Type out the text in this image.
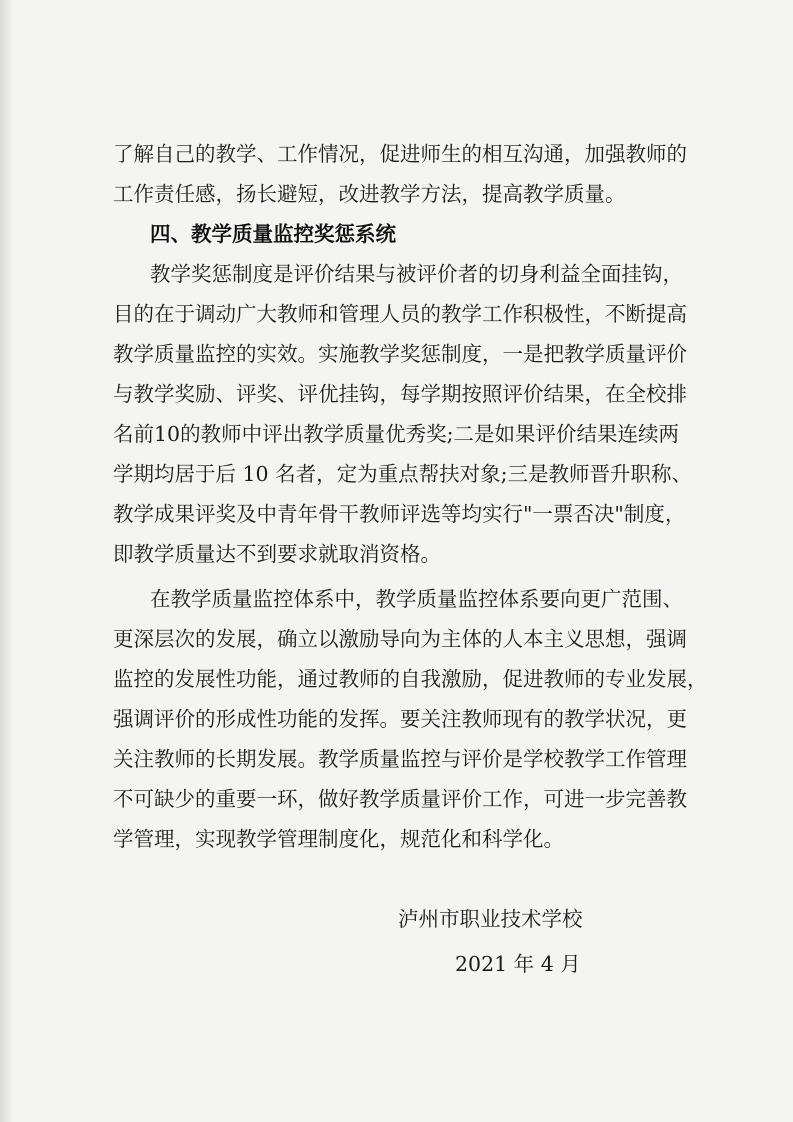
了解自己的教学、工作情况，促进师生的相互沟通，加强教师的

工作责任感，扬长避短，改进教学方法，提高教学质量。

四、教学质量监控奖惩系统

教学奖惩制度是评价结果与被评价者的切身利益全面挂钩，

目的在于调动广大教师和管理人员的教学工作积极性，不断提高

教学质量监控的实效。实施教学奖惩制度，一是把教学质量评价

与教学奖励、评奖、评优挂钩，每学期按照评价结果，在全校排

名前10的教师中评出教学质量优秀奖;二是如果评价结果连续两

学期均居于后 10 名者，定为重点帮扶对象;三是教师晋升职称、

教学成果评奖及中青年骨干教师评选等均实行"一票否决"制度，

即教学质量达不到要求就取消资格。

在教学质量监控体系中，教学质量监控体系要向更广范围、

更深层次的发展，确立以激励导向为主体的人本主义思想，强调

监控的发展性功能，通过教师的自我激励，促进教师的专业发展，

强调评价的形成性功能的发挥。要关注教师现有的教学状况，更

关注教师的长期发展。教学质量监控与评价是学校教学工作管理

不可缺少的重要一环，做好教学质量评价工作，可进一步完善教

学管理，实现教学管理制度化，规范化和科学化。

泸州市职业技术学校

2021 年 4 月
